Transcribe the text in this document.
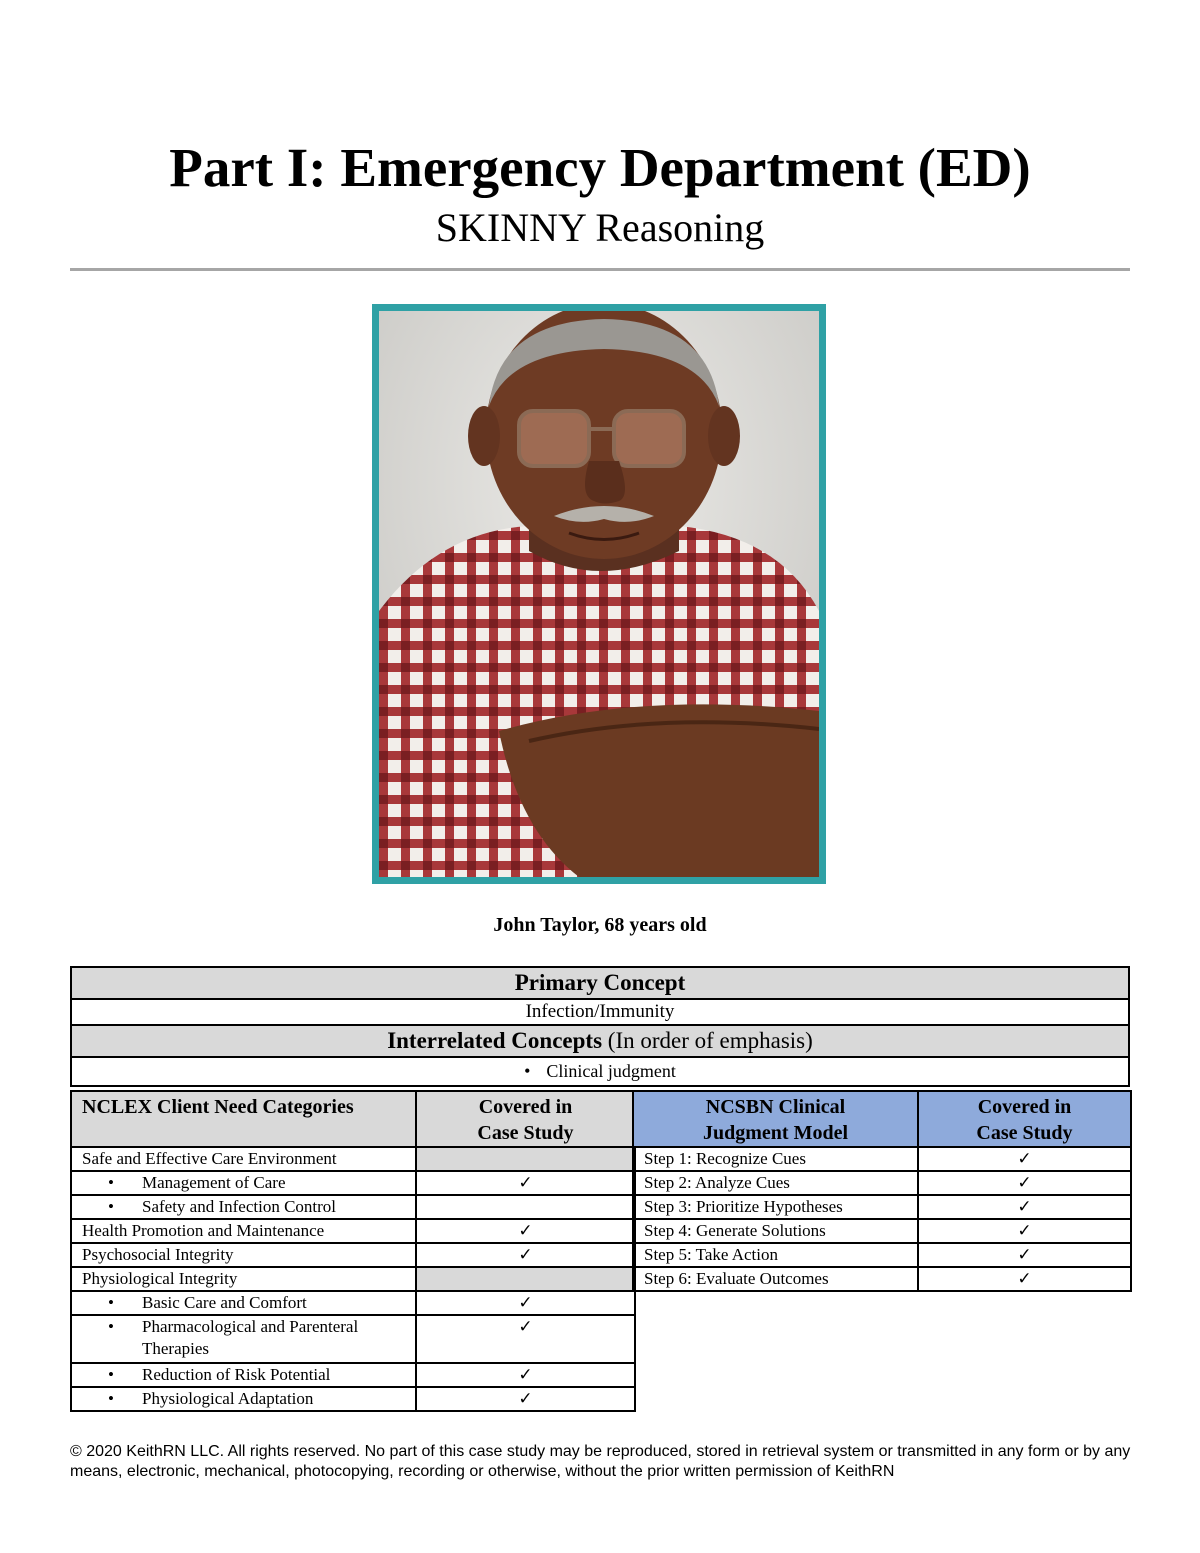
Part I: Emergency Department (ED)
SKINNY Reasoning
John Taylor, 68 years old
Primary Concept
Infection/Immunity
Interrelated Concepts (In order of emphasis)
• Clinical judgment
NCLEX Client Need Categories	Covered in
Case Study
Safe and Effective Care Environment	
• Management of Care	✓
• Safety and Infection Control	
Health Promotion and Maintenance	✓
Psychosocial Integrity	✓
Physiological Integrity	
• Basic Care and Comfort	✓
• Pharmacological and Parenteral Therapies	✓
• Reduction of Risk Potential	✓
• Physiological Adaptation	✓
NCSBN Clinical
Judgment Model	Covered in
Case Study
Step 1: Recognize Cues	✓
Step 2: Analyze Cues	✓
Step 3: Prioritize Hypotheses	✓
Step 4: Generate Solutions	✓
Step 5: Take Action	✓
Step 6: Evaluate Outcomes	✓
© 2020 KeithRN LLC. All rights reserved. No part of this case study may be reproduced, stored in retrieval system or transmitted in any form or by any means, electronic, mechanical, photocopying, recording or otherwise, without the prior written permission of KeithRN
